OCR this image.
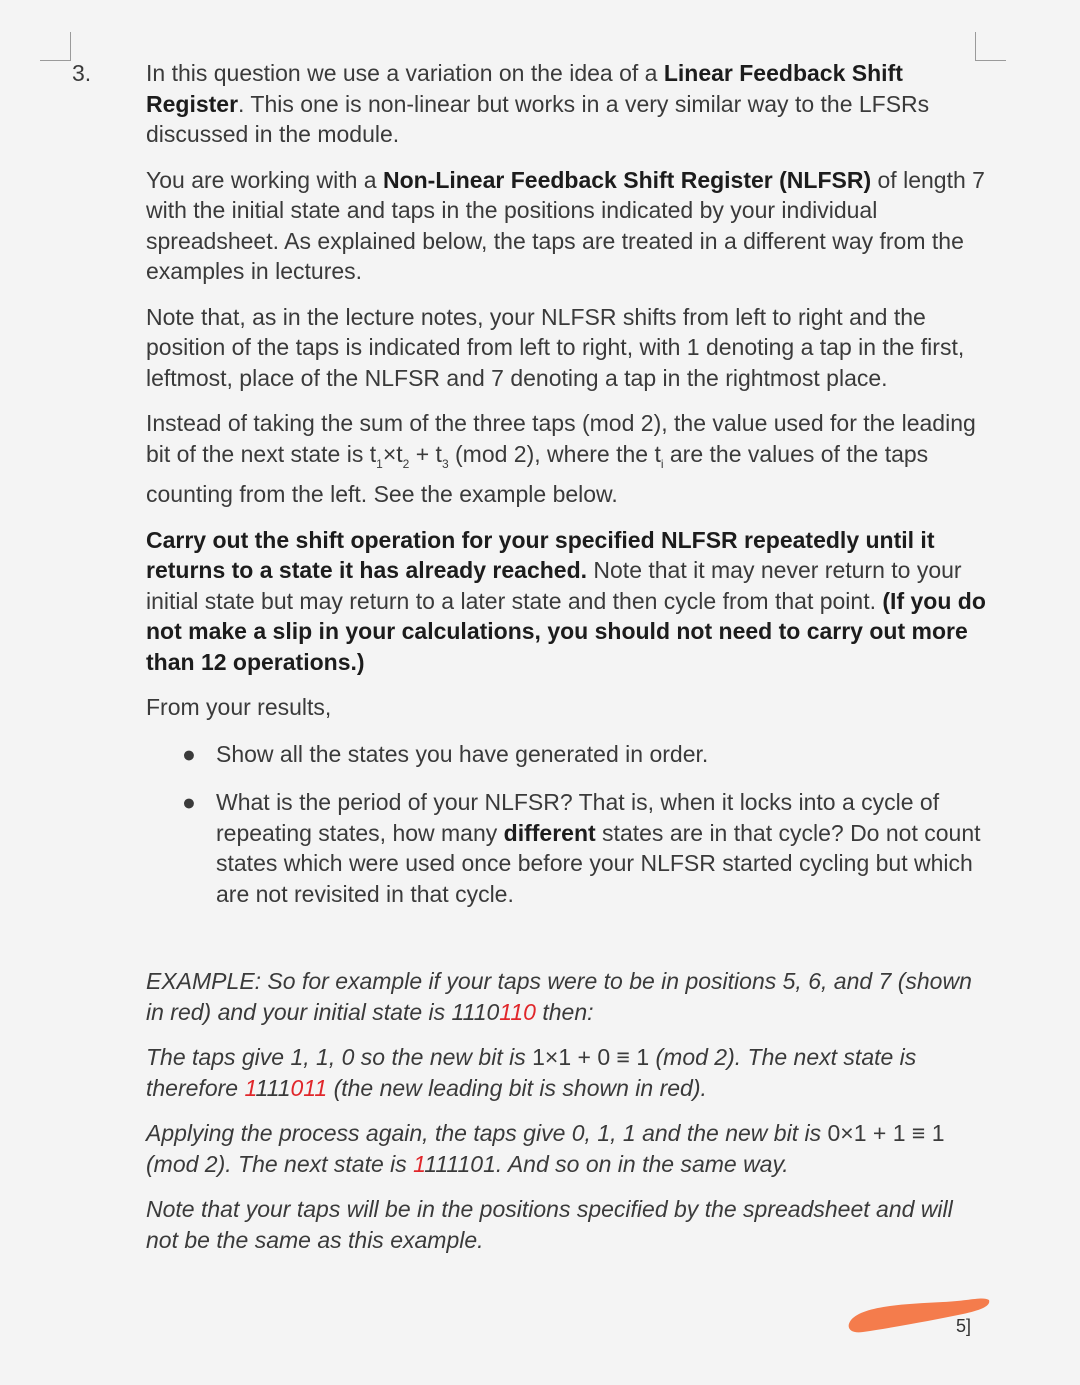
3. In this question we use a variation on the idea of a Linear Feedback Shift Register. This one is non-linear but works in a very similar way to the LFSRs discussed in the module.

You are working with a Non-Linear Feedback Shift Register (NLFSR) of length 7 with the initial state and taps in the positions indicated by your individual spreadsheet. As explained below, the taps are treated in a different way from the examples in lectures.

Note that, as in the lecture notes, your NLFSR shifts from left to right and the position of the taps is indicated from left to right, with 1 denoting a tap in the first, leftmost, place of the NLFSR and 7 denoting a tap in the rightmost place.

Instead of taking the sum of the three taps (mod 2), the value used for the leading bit of the next state is $t_1\times t_2 + t_3$ (mod 2), where the $t_i$ are the values of the taps counting from the left. See the example below.

Carry out the shift operation for your specified NLFSR repeatedly until it returns to a state it has already reached. Note that it may never return to your initial state but may return to a later state and then cycle from that point. (If you do not make a slip in your calculations, you should not need to carry out more than 12 operations.)

From your results,

● Show all the states you have generated in order.
● What is the period of your NLFSR? That is, when it locks into a cycle of repeating states, how many different states are in that cycle? Do not count states which were used once before your NLFSR started cycling but which are not revisited in that cycle.

EXAMPLE: So for example if your taps were to be in positions 5, 6, and 7 (shown in red) and your initial state is 1110110 then:

The taps give 1, 1, 0 so the new bit is 1×1 + 0 ≡ 1 (mod 2). The next state is therefore 1111011 (the new leading bit is shown in red).

Applying the process again, the taps give 0, 1, 1 and the new bit is 0×1 + 1 ≡ 1 (mod 2). The next state is 1111101. And so on in the same way.

Note that your taps will be in the positions specified by the spreadsheet and will not be the same as this example.

5]
